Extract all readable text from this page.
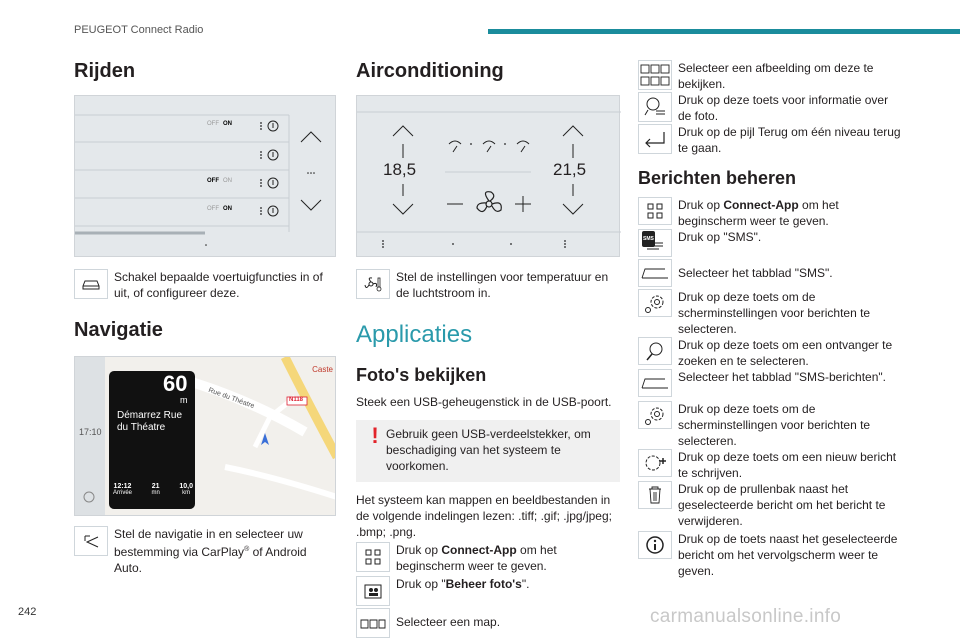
PEUGEOT Connect Radio
Rijden
OFF ON
OFF ON
OFF ON
Schakel bepaalde voertuigfuncties in of uit, of configureer deze.
Navigatie
Caste
N118
Rue du Théatre
17:10
60
m
Démarrez Rue du Théatre
12:12
Arrivée
21
mn
10,0
km
Stel de navigatie in en selecteer uw bestemming via CarPlay® of Android Auto.
Airconditioning
18,5	21,5
Stel de instellingen voor temperatuur en de luchtstroom in.
Applicaties
Foto's bekijken

Steek een USB-geheugenstick in de USB-poort.

! Gebruik geen USB-verdeelstekker, om beschadiging van het systeem te voorkomen.

Het systeem kan mappen en beeldbestanden in de volgende indelingen lezen: .tiff; .gif; .jpg/jpeg; .bmp; .png.

Druk op Connect-App om het beginscherm weer te geven.
Druk op "Beheer foto's".
Selecteer een map.
Selecteer een afbeelding om deze te bekijken.
Druk op deze toets voor informatie over de foto.
Druk op de pijl Terug om één niveau terug te gaan.
Berichten beheren
Druk op Connect-App om het beginscherm weer te geven.
SMS Druk op "SMS".
Selecteer het tabblad "SMS".
Druk op deze toets om de scherminstellingen voor berichten te selecteren.
Druk op deze toets om een ontvanger te zoeken en te selecteren.
Selecteer het tabblad "SMS-berichten".
Druk op deze toets om de scherminstellingen voor berichten te selecteren.
Druk op deze toets om een nieuw bericht te schrijven.
Druk op de prullenbak naast het geselecteerde bericht om het bericht te verwijderen.
Druk op de toets naast het geselecteerde bericht om het vervolgscherm weer te geven.
242	carmanualsonline.info
